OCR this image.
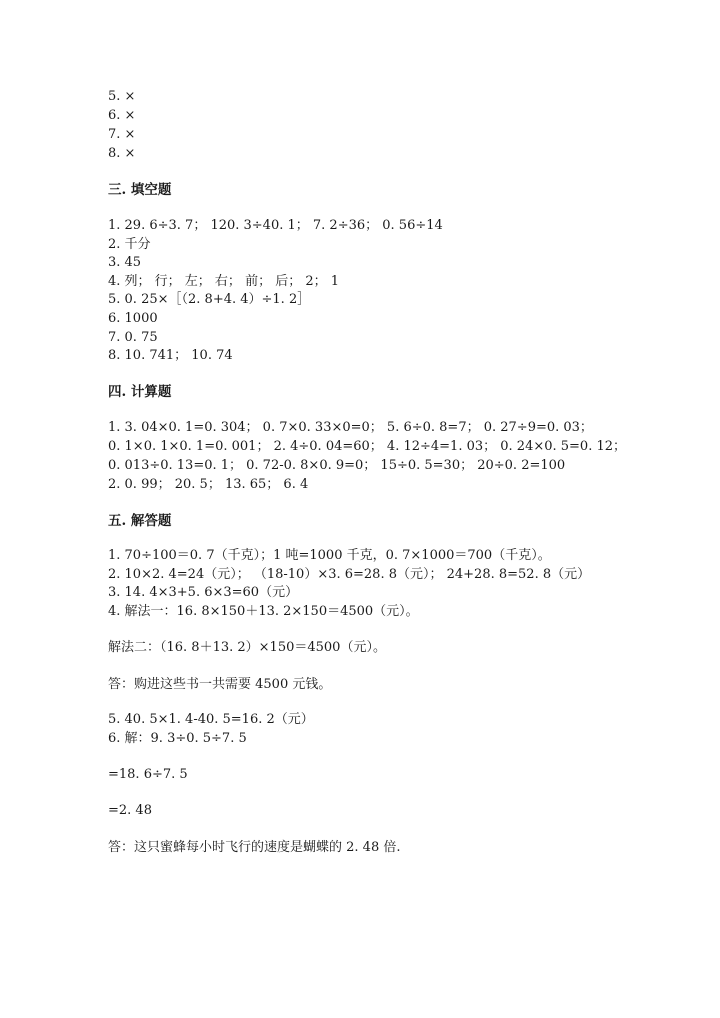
5. ×
6. ×
7. ×
8. ×
三. 填空题
1. 29. 6÷3. 7； 120. 3÷40. 1； 7. 2÷36； 0. 56÷14
2. 千分
3. 45
4. 列； 行； 左； 右； 前； 后； 2； 1
5. 0. 25×［（2. 8+4. 4）÷1. 2］
6. 1000
7. 0. 75
8. 10. 741； 10. 74
四. 计算题
1. 3. 04×0. 1=0. 304； 0. 7×0. 33×0=0； 5. 6÷0. 8=7； 0. 27÷9=0. 03；
0. 1×0. 1×0. 1=0. 001； 2. 4÷0. 04=60； 4. 12÷4=1. 03； 0. 24×0. 5=0. 12；
0. 013÷0. 13=0. 1； 0. 72-0. 8×0. 9=0； 15÷0. 5=30； 20÷0. 2=100
2. 0. 99； 20. 5； 13. 65； 6. 4
五. 解答题
1. 70÷100＝0. 7（千克）；1 吨=1000 千克，0. 7×1000＝700（千克）。
2. 10×2. 4=24（元）； （18-10）×3. 6=28. 8（元）； 24+28. 8=52. 8（元）
3. 14. 4×3+5. 6×3=60（元）
4. 解法一：16. 8×150＋13. 2×150＝4500（元）。
解法二：（16. 8＋13. 2）×150＝4500（元）。
答：购进这些书一共需要 4500 元钱。
5. 40. 5×1. 4-40. 5=16. 2（元）
6. 解：9. 3÷0. 5÷7. 5
=18. 6÷7. 5
=2. 48
答：这只蜜蜂每小时飞行的速度是蝴蝶的 2. 48 倍.
